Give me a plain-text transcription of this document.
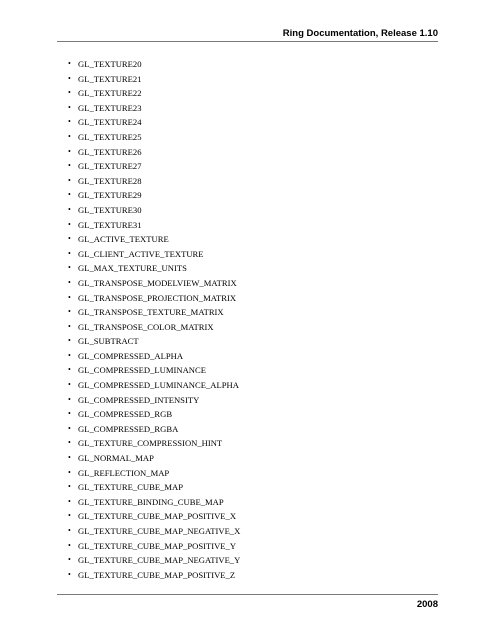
Ring Documentation, Release 1.10
• GL_TEXTURE20
• GL_TEXTURE21
• GL_TEXTURE22
• GL_TEXTURE23
• GL_TEXTURE24
• GL_TEXTURE25
• GL_TEXTURE26
• GL_TEXTURE27
• GL_TEXTURE28
• GL_TEXTURE29
• GL_TEXTURE30
• GL_TEXTURE31
• GL_ACTIVE_TEXTURE
• GL_CLIENT_ACTIVE_TEXTURE
• GL_MAX_TEXTURE_UNITS
• GL_TRANSPOSE_MODELVIEW_MATRIX
• GL_TRANSPOSE_PROJECTION_MATRIX
• GL_TRANSPOSE_TEXTURE_MATRIX
• GL_TRANSPOSE_COLOR_MATRIX
• GL_SUBTRACT
• GL_COMPRESSED_ALPHA
• GL_COMPRESSED_LUMINANCE
• GL_COMPRESSED_LUMINANCE_ALPHA
• GL_COMPRESSED_INTENSITY
• GL_COMPRESSED_RGB
• GL_COMPRESSED_RGBA
• GL_TEXTURE_COMPRESSION_HINT
• GL_NORMAL_MAP
• GL_REFLECTION_MAP
• GL_TEXTURE_CUBE_MAP
• GL_TEXTURE_BINDING_CUBE_MAP
• GL_TEXTURE_CUBE_MAP_POSITIVE_X
• GL_TEXTURE_CUBE_MAP_NEGATIVE_X
• GL_TEXTURE_CUBE_MAP_POSITIVE_Y
• GL_TEXTURE_CUBE_MAP_NEGATIVE_Y
• GL_TEXTURE_CUBE_MAP_POSITIVE_Z
2008
